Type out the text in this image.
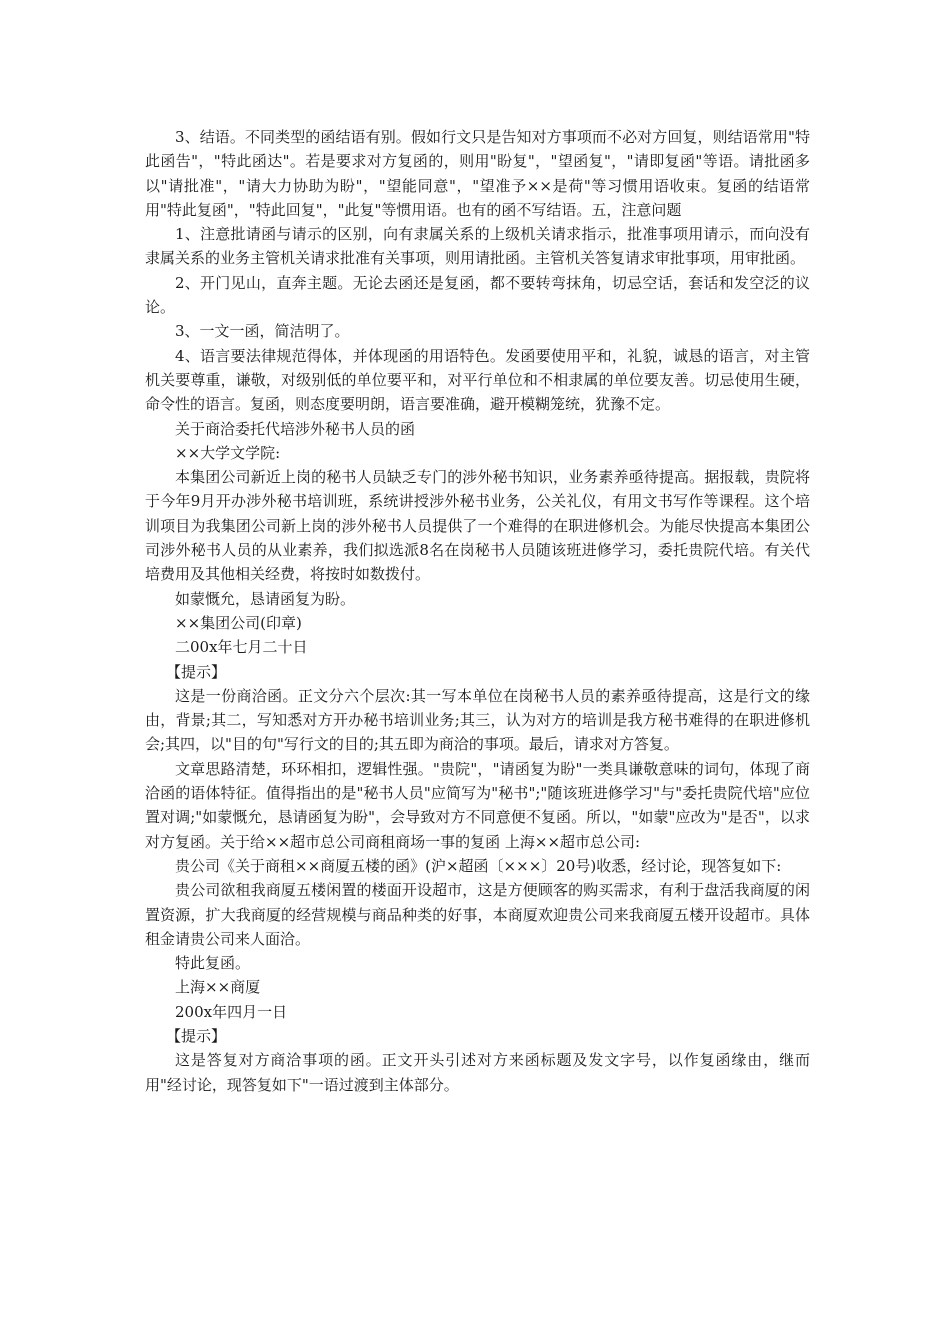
3、结语。不同类型的函结语有别。假如行文只是告知对方事项而不必对方回复，则结语常用"特此函告"，"特此函达"。若是要求对方复函的，则用"盼复"，"望函复"，"请即复函"等语。请批函多以"请批准"，"请大力协助为盼"，"望能同意"，"望准予××是荷"等习惯用语收束。复函的结语常用"特此复函"，"特此回复"，"此复"等惯用语。也有的函不写结语。五，注意问题

1、注意批请函与请示的区别，向有隶属关系的上级机关请求指示，批准事项用请示，而向没有隶属关系的业务主管机关请求批准有关事项，则用请批函。主管机关答复请求审批事项，用审批函。

2、开门见山，直奔主题。无论去函还是复函，都不要转弯抹角，切忌空话，套话和发空泛的议论。

3、一文一函，简洁明了。

4、语言要法律规范得体，并体现函的用语特色。发函要使用平和，礼貌，诚恳的语言，对主管机关要尊重，谦敬，对级别低的单位要平和，对平行单位和不相隶属的单位要友善。切忌使用生硬，命令性的语言。复函，则态度要明朗，语言要准确，避开模糊笼统，犹豫不定。

关于商洽委托代培涉外秘书人员的函

××大学文学院:

本集团公司新近上岗的秘书人员缺乏专门的涉外秘书知识，业务素养亟待提高。据报载，贵院将于今年9月开办涉外秘书培训班，系统讲授涉外秘书业务，公关礼仪，有用文书写作等课程。这个培训项目为我集团公司新上岗的涉外秘书人员提供了一个难得的在职进修机会。为能尽快提高本集团公司涉外秘书人员的从业素养，我们拟选派8名在岗秘书人员随该班进修学习，委托贵院代培。有关代培费用及其他相关经费，将按时如数拨付。

如蒙慨允，恳请函复为盼。

××集团公司(印章)

二00x年七月二十日

【提示】

这是一份商洽函。正文分六个层次:其一写本单位在岗秘书人员的素养亟待提高，这是行文的缘由，背景;其二，写知悉对方开办秘书培训业务;其三，认为对方的培训是我方秘书难得的在职进修机会;其四，以"目的句"写行文的目的;其五即为商洽的事项。最后，请求对方答复。

文章思路清楚，环环相扣，逻辑性强。"贵院"，"请函复为盼"一类具谦敬意味的词句，体现了商洽函的语体特征。值得指出的是"秘书人员"应简写为"秘书";"随该班进修学习"与"委托贵院代培"应位置对调;"如蒙慨允，恳请函复为盼"，会导致对方不同意便不复函。所以，"如蒙"应改为"是否"，以求对方复函。关于给××超市总公司商租商场一事的复函 上海××超市总公司:

贵公司《关于商租××商厦五楼的函》(沪×超函〔×××〕20号)收悉，经讨论，现答复如下:

贵公司欲租我商厦五楼闲置的楼面开设超市，这是方便顾客的购买需求，有利于盘活我商厦的闲置资源，扩大我商厦的经营规模与商品种类的好事，本商厦欢迎贵公司来我商厦五楼开设超市。具体租金请贵公司来人面洽。

特此复函。

上海××商厦

200x年四月一日

【提示】

这是答复对方商洽事项的函。正文开头引述对方来函标题及发文字号，以作复函缘由，继而用"经讨论，现答复如下"一语过渡到主体部分。
